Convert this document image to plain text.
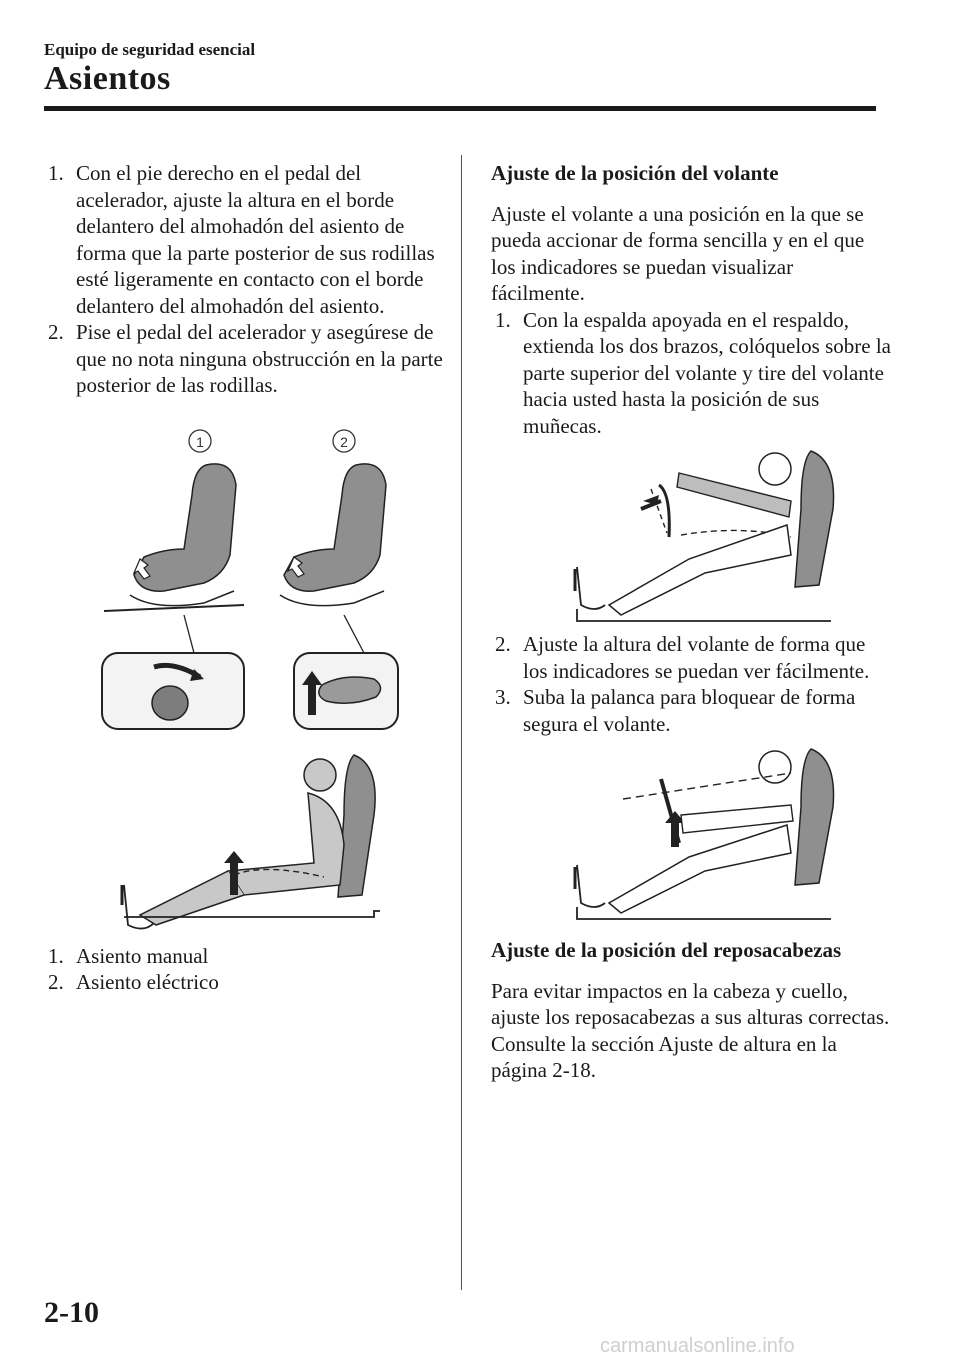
Equipo de seguridad esencial
Asientos
1. Con el pie derecho en el pedal del acelerador, ajuste la altura en el borde delantero del almohadón del asiento de forma que la parte posterior de sus rodillas esté ligeramente en contacto con el borde delantero del almohadón del asiento.
2. Pise el pedal del acelerador y asegúrese de que no nota ninguna obstrucción en la parte posterior de las rodillas.
1	2
1. Asiento manual
2. Asiento eléctrico

Ajuste de la posición del volante

Ajuste el volante a una posición en la que se pueda accionar de forma sencilla y en el que los indicadores se puedan visualizar fácilmente.

1. Con la espalda apoyada en el respaldo, extienda los dos brazos, colóquelos sobre la parte superior del volante y tire del volante hacia usted hasta la posición de sus muñecas.
2. Ajuste la altura del volante de forma que los indicadores se puedan ver fácilmente.
3. Suba la palanca para bloquear de forma segura el volante.

Ajuste de la posición del reposacabezas

Para evitar impactos en la cabeza y cuello, ajuste los reposacabezas a sus alturas correctas.

Consulte la sección Ajuste de altura en la página 2-18.

2-10
carmanualsonline.info
